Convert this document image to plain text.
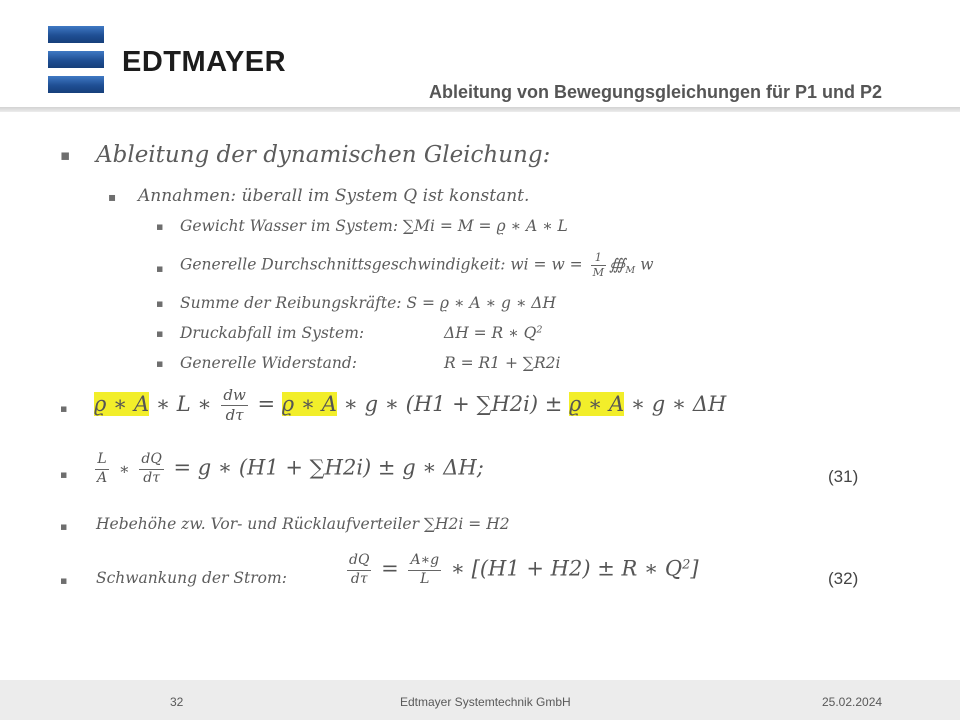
EDTMAYER
Ableitung von Bewegungsgleichungen für P1 und P2
▪ Ableitung der dynamischen Gleichung:
▪ Annahmen: überall im System Q ist konstant.
▪ Gewicht Wasser im System: ∑𝑀𝑖 = 𝑀 = ϱ ∗ 𝐴 ∗ 𝐿
▪ Generelle Durchschnittsgeschwindigkeit: 𝑤𝑖 = 𝑤 = $\frac{1}{\text{𝑀}}$ $∰_𝑀$ 𝑤
▪ Summe der Reibungskräfte: 𝑆 = ϱ ∗ 𝐴 ∗ 𝑔 ∗ Δ𝐻
▪ Druckabfall im System:	Δ𝐻 = 𝑅 ∗ 𝑄$^2$
▪ Generelle Widerstand:	𝑅 = 𝑅1 + ∑𝑅2𝑖
▪ ϱ ∗ 𝐴 ∗ 𝐿 ∗ $\frac{\text{𝑑𝑤}}{\text{𝑑𝜏}} = ϱ$ ∗ 𝐴 ∗ 𝑔 ∗ (𝐻1 + ∑𝐻2𝑖) ± ϱ ∗ 𝐴 ∗ 𝑔 ∗ Δ𝐻
▪ $\frac{\text{𝐿}}{\text{𝐴}}$ ∗ $\frac{\text{𝑑𝑄}}{\text{𝑑𝜏}}$ = 𝑔 ∗ (𝐻1 + ∑𝐻2𝑖) ± 𝑔 ∗ Δ𝐻;	(31)
▪ Hebehöhe zw. Vor- und Rücklaufverteiler ∑𝐻2𝑖 = 𝐻2
▪ Schwankung der Strom:	$\frac{\text{𝑑𝑄}}{\text{𝑑𝜏}} = \frac{\text{𝐴∗𝑔}}{\text{𝐿}}$ ∗ [(𝐻1 + 𝐻2) ± 𝑅 ∗ 𝑄$^2$]	(32)
32	Edtmayer Systemtechnik GmbH	25.02.2024
